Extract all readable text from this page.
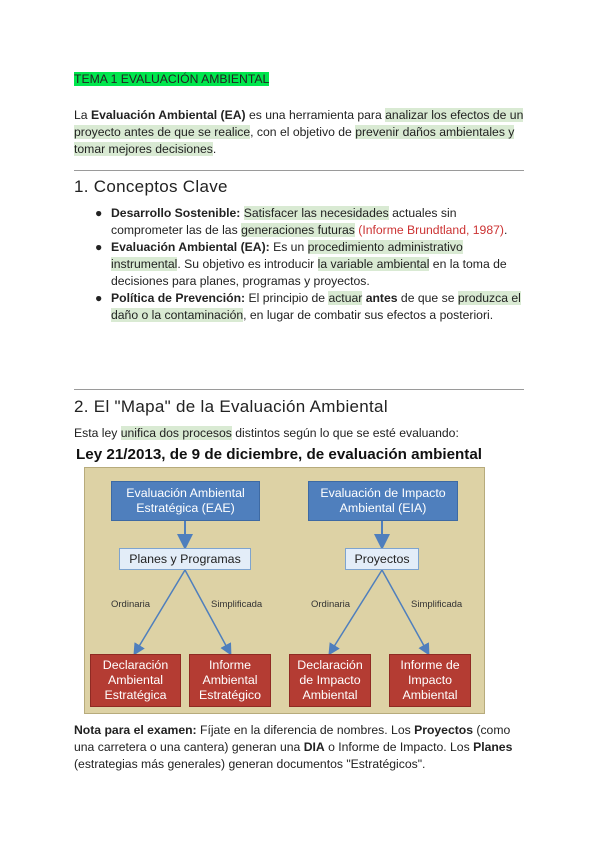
TEMA 1 EVALUACIÓN AMBIENTAL
La Evaluación Ambiental (EA) es una herramienta para analizar los efectos de un proyecto antes de que se realice, con el objetivo de prevenir daños ambientales y tomar mejores decisiones.
1. Conceptos Clave
● Desarrollo Sostenible: Satisfacer las necesidades actuales sin comprometer las de las generaciones futuras (Informe Brundtland, 1987).
● Evaluación Ambiental (EA): Es un procedimiento administrativo instrumental. Su objetivo es introducir la variable ambiental en la toma de decisiones para planes, programas y proyectos.
● Política de Prevención: El principio de actuar antes de que se produzca el daño o la contaminación, en lugar de combatir sus efectos a posteriori.
2. El "Mapa" de la Evaluación Ambiental
Esta ley unifica dos procesos distintos según lo que se esté evaluando:
Ley 21/2013, de 9 de diciembre, de evaluación ambiental
Evaluación Ambiental Estratégica (EAE)
Evaluación de Impacto Ambiental (EIA)
Planes y Programas	Proyectos
Ordinaria	Simplificada	Ordinaria	Simplificada
Declaración Ambiental Estratégica
Informe Ambiental Estratégico
Declaración de Impacto Ambiental
Informe de Impacto Ambiental
Nota para el examen: Fíjate en la diferencia de nombres. Los Proyectos (como una carretera o una cantera) generan una DIA o Informe de Impacto. Los Planes (estrategias más generales) generan documentos "Estratégicos".
